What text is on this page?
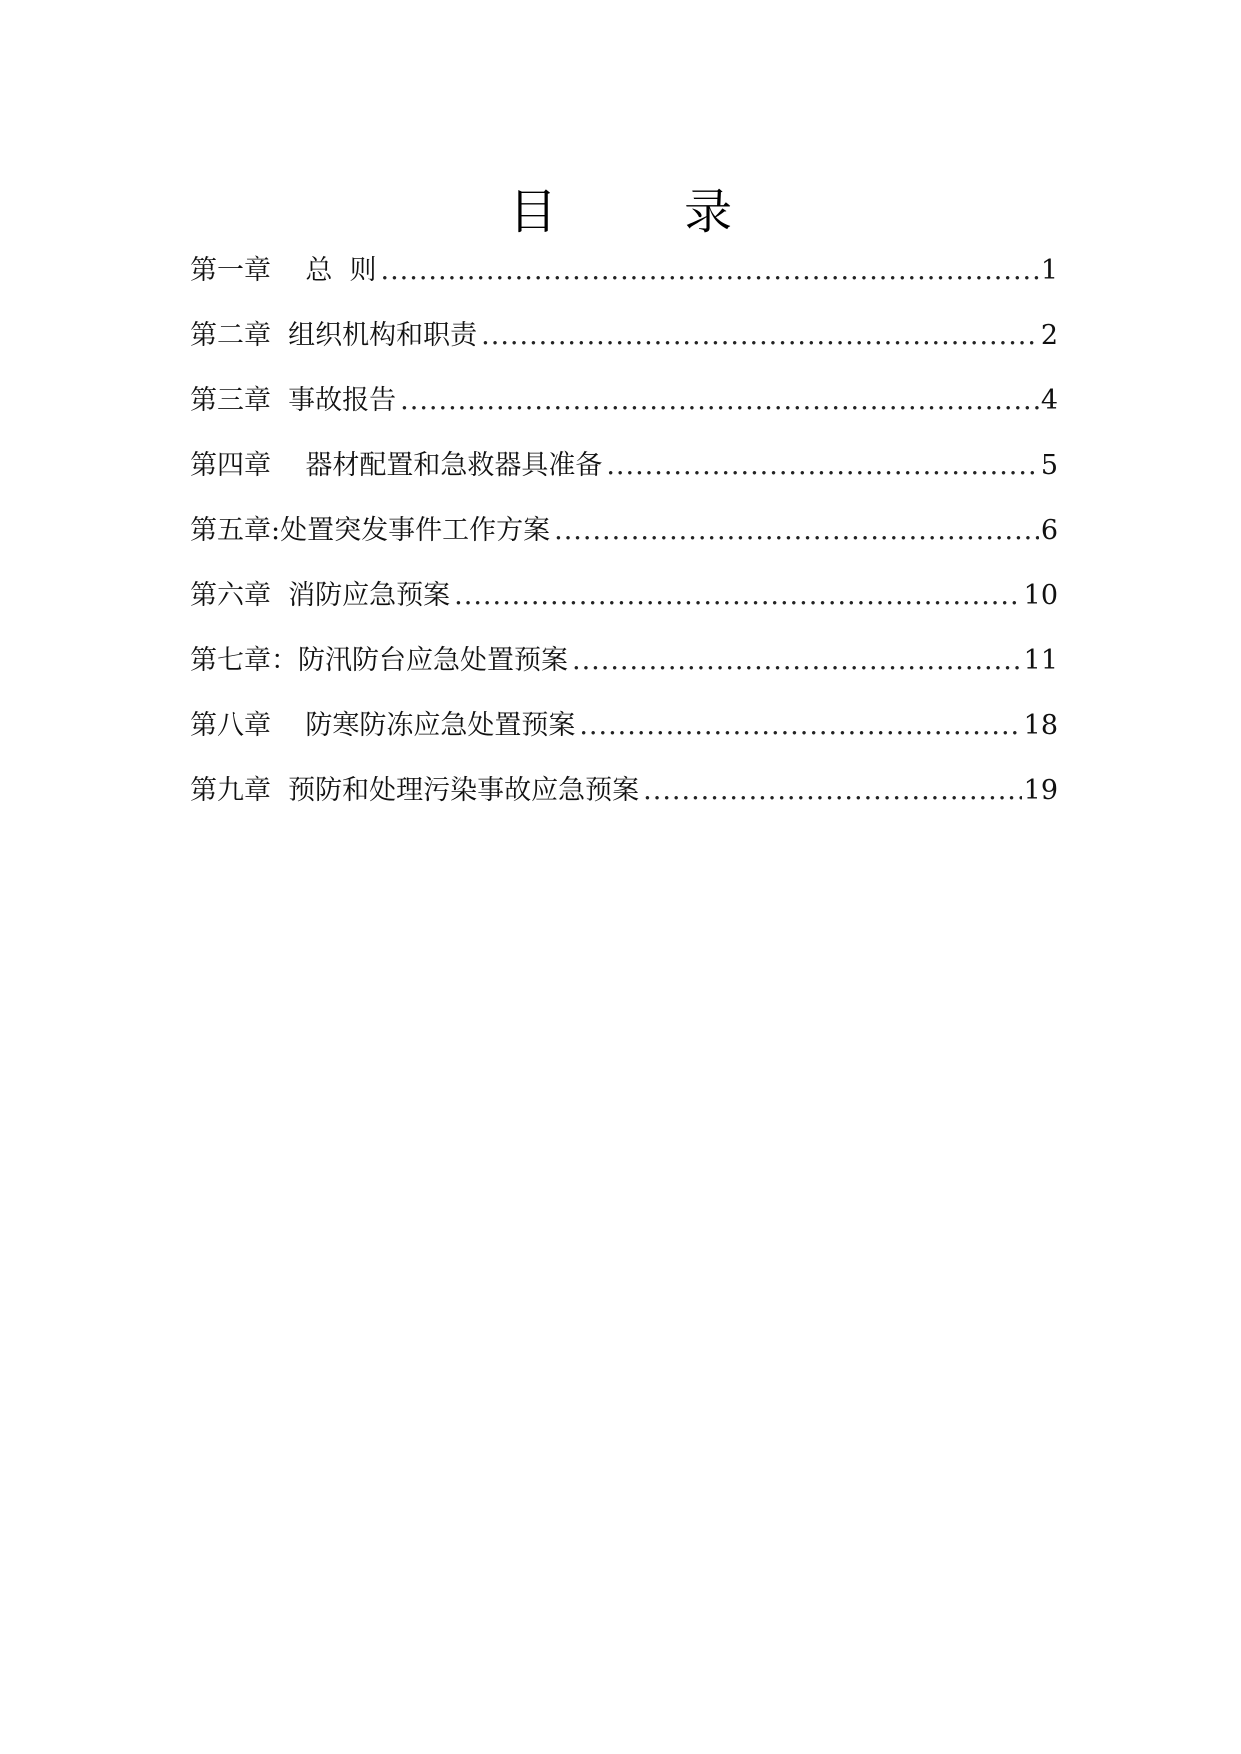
目 录
第一章    总  则 .....	1
第二章  组织机构和职责 .....	2
第三章  事故报告 .....	4
第四章    器材配置和急救器具准备 .....	5
第五章:处置突发事件工作方案 .....	6
第六章  消防应急预案 .....	10
第七章：防汛防台应急处置预案 .....	11
第八章    防寒防冻应急处置预案 .....	18
第九章  预防和处理污染事故应急预案 .....	19
